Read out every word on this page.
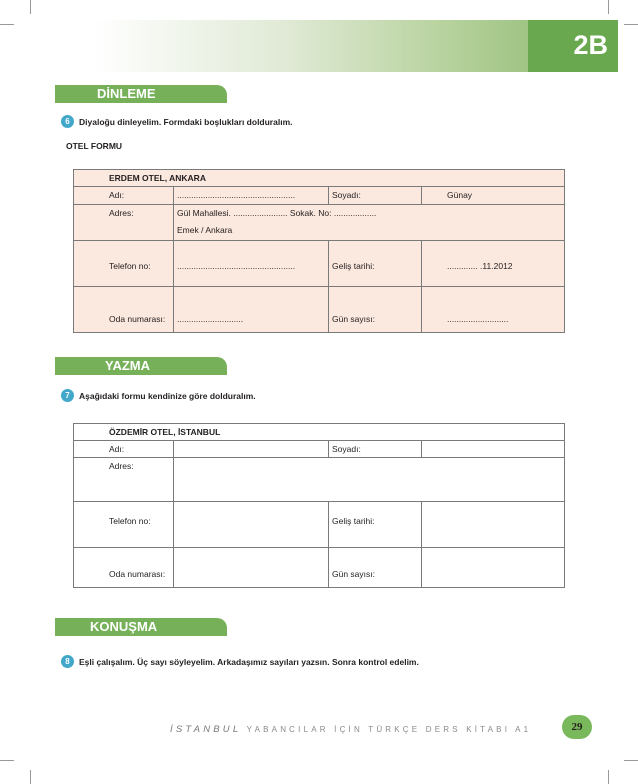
2B
DİNLEME
6	Diyaloğu dinleyelim. Formdaki boşlukları dolduralım.
OTEL FORMU
ERDEM OTEL, ANKARA			

Adı:	..................................................	Soyadı:	Günay

Adres:	Gül Mahallesi. ....................... Sokak. No: ..................
Emek / Ankara		

Telefon no:	..................................................	Geliş tarihi:	............. .11.2012

Oda numarası:	............................	Gün sayısı:	..........................
YAZMA
7	Aşağıdaki formu kendinize göre dolduralım.
ÖZDEMİR OTEL, İSTANBUL			

Adı:		Soyadı:	

Adres:			

Telefon no:		Geliş tarihi:	

Oda numarası:		Gün sayısı:	

KONUŞMA
8	Eşli çalışalım. Üç sayı söyleyelim. Arkadaşımız sayıları yazsın. Sonra kontrol edelim.
İSTANBUL YABANCILAR İÇİN TÜRKÇE DERS KİTABI A1	29
